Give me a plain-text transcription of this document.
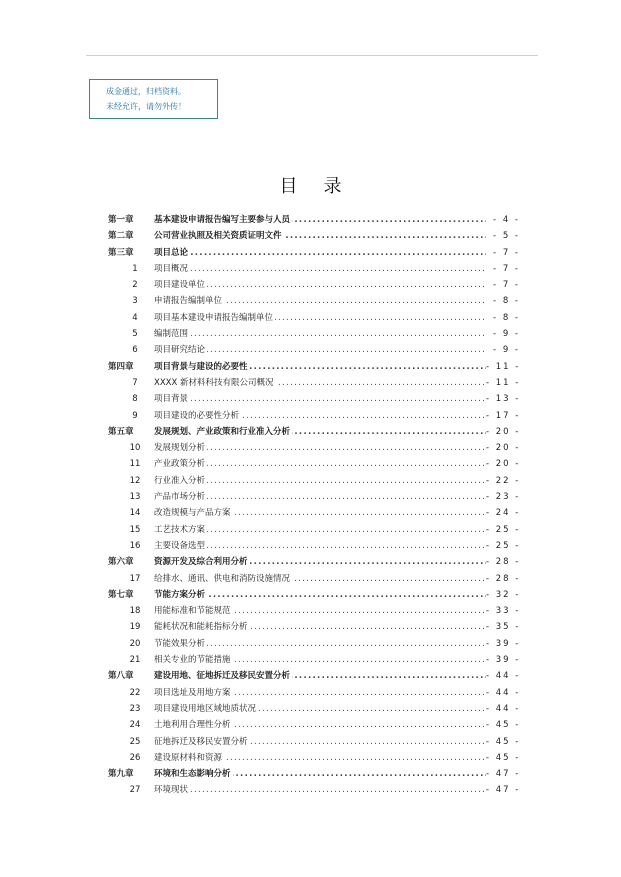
成金通过，归档资料。
未经允许，请勿外传！
目录
第一章	基本建设申请报告编写主要参与人员 .....	- 4 -
第二章	公司营业执照及相关资质证明文件 .....	- 5 -
第三章	项目总论 .....	- 7 -
1	项目概况 .....	- 7 -
2	项目建设单位 .....	- 7 -
3	申请报告编制单位 .....	- 8 -
4	项目基本建设申请报告编制单位 .....	- 8 -
5	编制范围 .....	- 9 -
6	项目研究结论 .....	- 9 -
第四章	项目背景与建设的必要性 .....	- 11 -
7	XXXX 新材料科技有限公司概况 .....	- 11 -
8	项目背景 .....	- 13 -
9	项目建设的必要性分析 .....	- 17 -
第五章	发展规划、产业政策和行业准入分析 .....	- 20 -
10 发展规划分析 .....	- 20 -
11 产业政策分析 .....	- 20 -
12 行业准入分析 .....	- 22 -
13 产品市场分析 .....	- 23 -
14 改造规模与产品方案 .....	- 24 -
15 工艺技术方案 .....	- 25 -
16 主要设备选型 .....	- 25 -
第六章	资源开发及综合利用分析 .....	- 28 -
17 给排水、通讯、供电和消防设施情况 .....	- 28 -
第七章	节能方案分析 .....	- 32 -
18 用能标准和节能规范 .....	- 33 -
19 能耗状况和能耗指标分析 .....	- 35 -
20 节能效果分析 .....	- 39 -
21 相关专业的节能措施 .....	- 39 -
第八章	建设用地、征地拆迁及移民安置分析 .....	- 44 -
22 项目选址及用地方案 .....	- 44 -
23 项目建设用地区域地质状况 .....	- 44 -
24 土地利用合理性分析 .....	- 45 -
25 征地拆迁及移民安置分析 .....	- 45 -
26 建设原材料和资源 .....	- 45 -
第九章	环境和生态影响分析 .....	- 47 -
27 环境现状 .....	- 47 -
